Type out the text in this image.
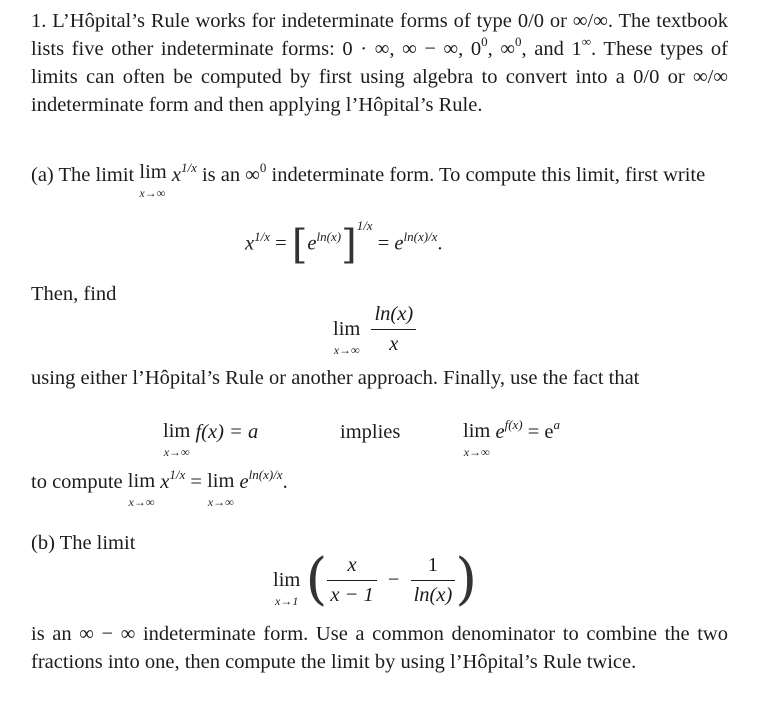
1. L’Hôpital’s Rule works for indeterminate forms of type 0/0 or ∞/∞. The textbook lists five other indeterminate forms: 0 · ∞, ∞ − ∞, $0^0$, ∞$^0$, and 1∞. These types of limits can often be computed by first using algebra to convert into a 0/0 or ∞/∞ indeterminate form and then applying l’Hôpital’s Rule.

(a) The limit lim
x→∞
$x^{1/x}$ is an ∞$^0$ indeterminate form. To compute this limit, first write

$x^{1/x} = [e^{ln(x)}]^{1/x} = e^{ln(x)/x}$.

Then, find

lim
x→∞
$\frac{\ln(x)}{x}$

using either l’Hôpital’s Rule or another approach. Finally, use the fact that

lim
x→∞
f(x) = a	implies	lim
x→∞
$e^{f(x)} = e^a$
to compute lim
x→∞
$x^{1/x} = \lim$
x→∞
$e^{ln(x)/x}$.

(b) The limit

lim
x→1 ( $\frac{x}{x - 1} - \frac{1}{\ln(x)}$ )

is an ∞ − ∞ indeterminate form. Use a common denominator to combine the two fractions into one, then compute the limit by using l’Hôpital’s Rule twice.
